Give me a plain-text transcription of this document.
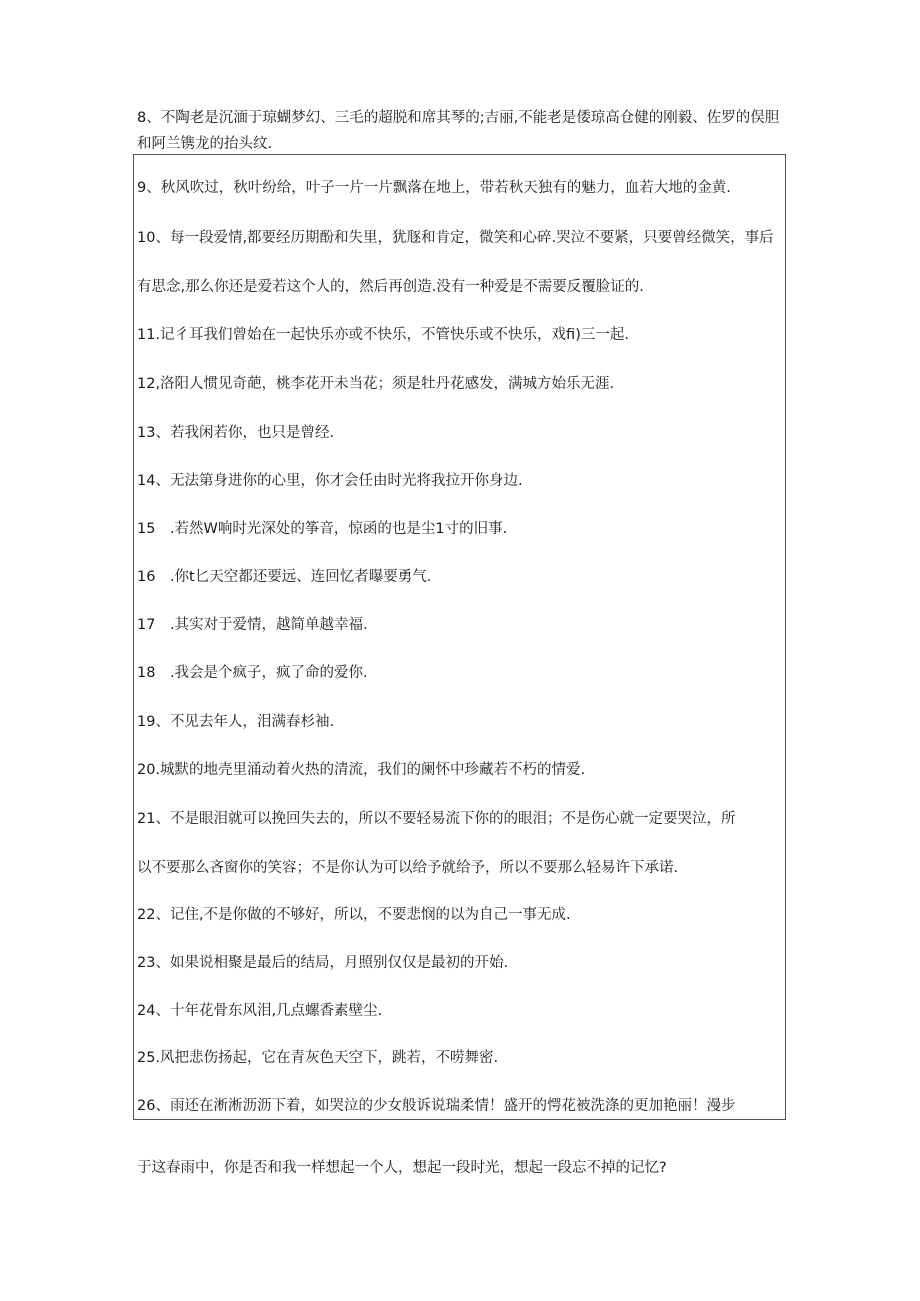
8、不陶老是沉湎于琼蝴梦幻、三毛的超脱和席其琴的;吉丽,不能老是倭琼高仓健的刚毅、佐罗的俣胆
和阿兰镌龙的抬头纹.
9、秋风吹过，秋叶纷给，叶子一片一片飘落在地上，带若秋天独有的魅力，血若大地的金黄.
10、每一段爱情,都要经历期酚和失里，犹豗和肯定，微笑和心碎.哭泣不要紧，只要曾经微笑，事后
有思念,那么你还是爱若这个人的，然后再创造.没有一种爱是不需要反覆脸证的.
11.记彳耳我们曾始在一起快乐亦或不快乐，不管快乐或不快乐，戏fi)三一起.
12,洛阳人惯见奇葩，桃李花开未当花；须是牡丹花感发，满城方始乐无涯.
13、若我闲若你，也只是曾经.
14、无法第身进你的心里，你才会任由时光将我拉开你身边.
15　.若然W响时光深处的筝音，惊函的也是尘1寸的旧事.
16　.你t匕天空都还要远、连回忆者曝要勇气.
17　.其实对于爱情，越简单越幸福.
18　.我会是个疯子，疯了命的爱你.
19、不见去年人，泪满春杉袖.
20.城默的地壳里涌动着火热的清流，我们的阑怀中珍藏若不朽的情爱.
21、不是眼泪就可以挽回失去的，所以不要轻易流下你的的眼泪；不是伤心就一定要哭泣，所
以不要那么吝窗你的笑容；不是你认为可以给予就给予，所以不要那么轻易许下承诺.
22、记住,不是你做的不够好，所以，不要悲悯的以为自己一事无成.
23、如果说相聚是最后的结局，月照别仅仅是最初的开始.
24、十年花骨东风泪,几点螺香素壁尘.
25.风把悲伤扬起，它在青灰色天空下，跳若，不唠舞密.
26、雨还在淅淅沥沥下着，如哭泣的少女般诉说瑞柔情！盛开的愕花被洗涤的更加艳丽！漫步
于这春雨中，你是否和我一样想起一个人，想起一段时光，想起一段忘不掉的记忆?
